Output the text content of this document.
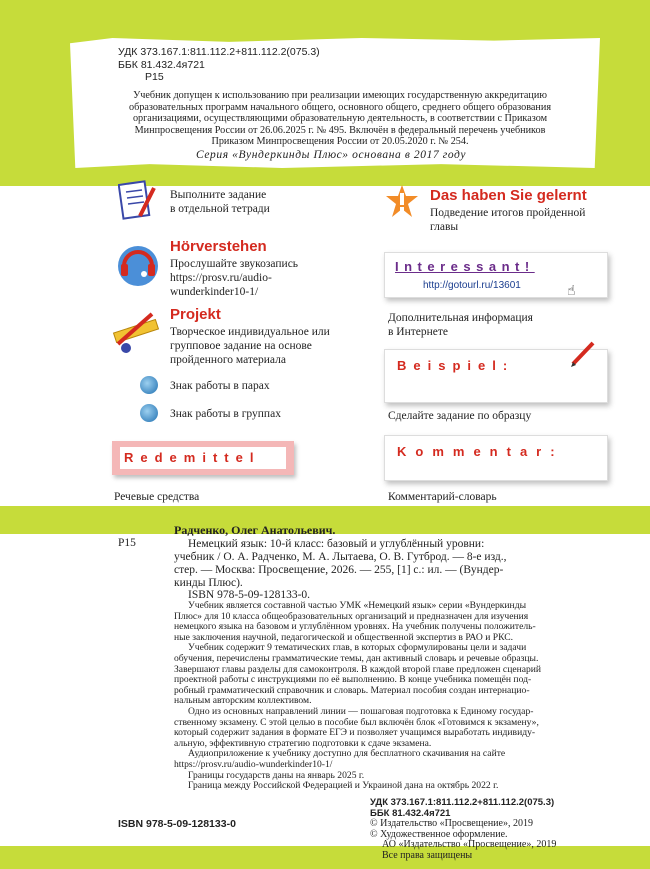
УДК 373.167.1:811.112.2+811.112.2(075.3)
ББК 81.432.4я721
Р15
Учебник допущен к использованию при реализации имеющих государственную аккредитацию
образовательных программ начального общего, основного общего, среднего общего образования
организациями, осуществляющими образовательную деятельность, в соответствии с Приказом
Минпросвещения России от 26.06.2025 г. № 495. Включён в федеральный перечень учебников
Приказом Минпросвещения России от 20.05.2020 г. № 254.
Серия «Вундеркинды Плюс» основана в 2017 году
Выполните задание
в отдельной тетради
Hörverstehen
Прослушайте звукозапись
https://prosv.ru/audio-
wunderkinder10-1/
Projekt
Творческое индивидуальное или
групповое задание на основе
пройденного материала
Знак работы в парах
Знак работы в группах
Redemittel
Речевые средства
Das haben Sie gelernt
Подведение итогов пройденной
главы
Interessant!
http://gotourl.ru/13601	☝
Дополнительная информация
в Интернете
Beispiel:
Сделайте задание по образцу
Kommentar:
Комментарий-словарь
Р15
Радченко, Олег Анатольевич.
Немецкий язык: 10-й класс: базовый и углублённый уровни:
учебник / О. А. Радченко, М. А. Лытаева, О. В. Гутброд. — 8-е изд.,
стер. — Москва: Просвещение, 2026. — 255, [1] с.: ил. — (Вундер-
кинды Плюс).
ISBN 978-5-09-128133-0.
Учебник является составной частью УМК «Немецкий язык» серии «Вундеркинды
Плюс» для 10 класса общеобразовательных организаций и предназначен для изучения
немецкого языка на базовом и углублённом уровнях. На учебник получены положитель-
ные заключения научной, педагогической и общественной экспертиз в РАО и РКС.
Учебник содержит 9 тематических глав, в которых сформулированы цели и задачи
обучения, перечислены грамматические темы, дан активный словарь и речевые образцы.
Завершают главы разделы для самоконтроля. В каждой второй главе предложен сценарий
проектной работы с инструкциями по её выполнению. В конце учебника помещён под-
робный грамматический справочник и словарь. Материал пособия создан интернацио-
нальным авторским коллективом.
Одно из основных направлений линии — пошаговая подготовка к Единому государ-
ственному экзамену. С этой целью в пособие был включён блок «Готовимся к экзамену»,
который содержит задания в формате ЕГЭ и позволяет учащимся выработать индивиду-
альную, эффективную стратегию подготовки к сдаче экзамена.
Аудиоприложение к учебнику доступно для бесплатного скачивания на сайте
https://prosv.ru/audio-wunderkinder10-1/
Границы государств даны на январь 2025 г.
Граница между Российской Федерацией и Украиной дана на октябрь 2022 г.
УДК 373.167.1:811.112.2+811.112.2(075.3)
ББК 81.432.4я721
ISBN 978-5-09-128133-0	© Издательство «Просвещение», 2019
© Художественное оформление.
АО «Издательство «Просвещение», 2019
Все права защищены
